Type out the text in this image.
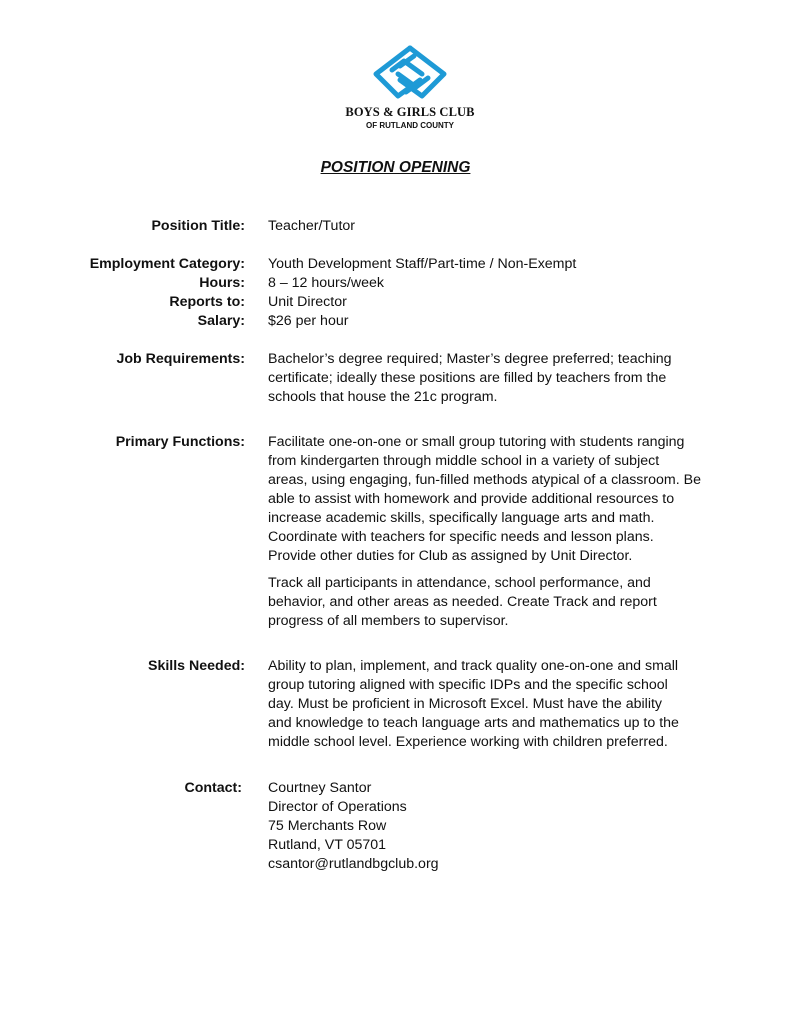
BOYS & GIRLS CLUB
OF RUTLAND COUNTY
POSITION OPENING
Position Title: Teacher/Tutor
Employment Category: Youth Development Staff/Part-time / Non-Exempt
Hours: 8 – 12 hours/week
Reports to: Unit Director
Salary: $26 per hour
Job Requirements: Bachelor’s degree required; Master’s degree preferred; teaching
certificate; ideally these positions are filled by teachers from the
schools that house the 21c program.
Primary Functions: Facilitate one-on-one or small group tutoring with students ranging
from kindergarten through middle school in a variety of subject
areas, using engaging, fun-filled methods atypical of a classroom. Be
able to assist with homework and provide additional resources to
increase academic skills, specifically language arts and math.
Coordinate with teachers for specific needs and lesson plans.
Provide other duties for Club as assigned by Unit Director.
Track all participants in attendance, school performance, and
behavior, and other areas as needed. Create Track and report
progress of all members to supervisor.
Skills Needed: Ability to plan, implement, and track quality one-on-one and small
group tutoring aligned with specific IDPs and the specific school
day. Must be proficient in Microsoft Excel. Must have the ability
and knowledge to teach language arts and mathematics up to the
middle school level. Experience working with children preferred.
Contact: Courtney Santor
Director of Operations
75 Merchants Row
Rutland, VT 05701
csantor@rutlandbgclub.org
